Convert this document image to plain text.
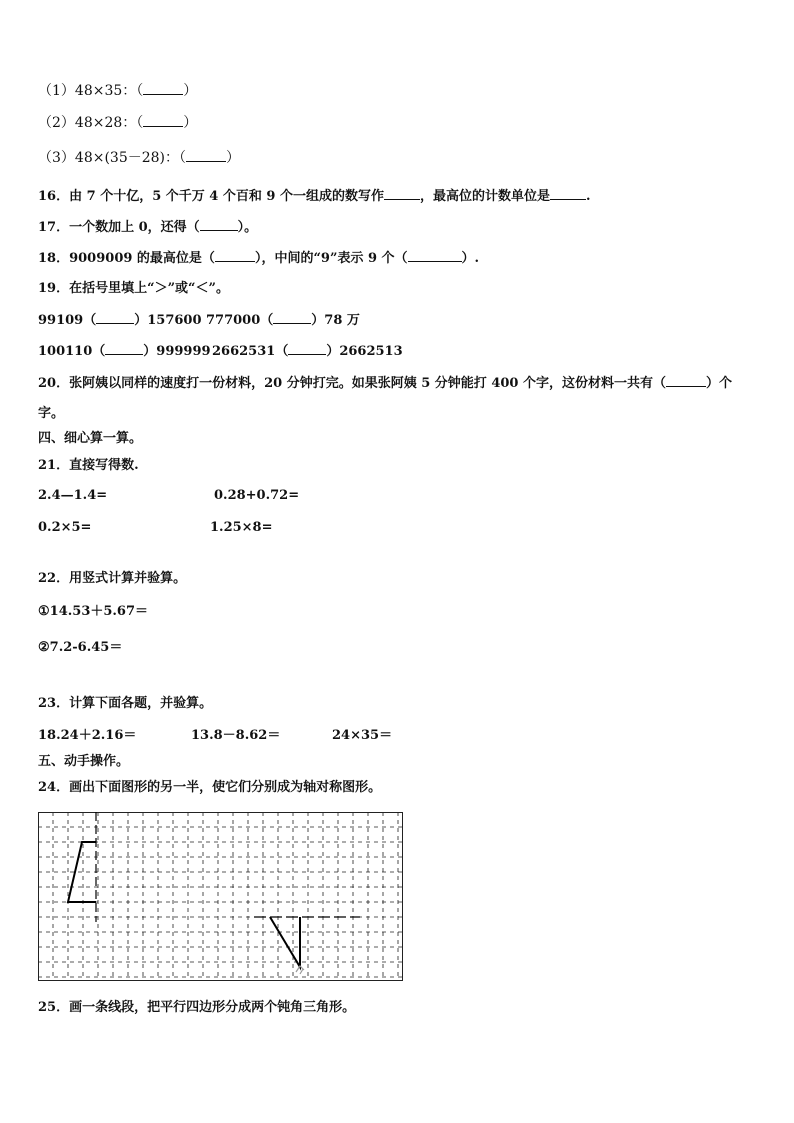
（1）48×35：（	）
（2）48×28：（	）
（3）48×(35－28)：（	）
16．由 7 个十亿，5 个千万 4 个百和 9 个一组成的数写作	，最高位的计数单位是	.
17．一个数加上 0，还得（	）。
18．9009009 的最高位是（	），中间的“9”表示 9 个（	）.
19．在括号里填上“＞”或“＜”。
99109（	）157600 777000（	）78 万
100110（	）999999 2662531（	）2662513
20．张阿姨以同样的速度打一份材料，20 分钟打完。如果张阿姨 5 分钟能打 400 个字，这份材料一共有（	）个
字。
四、细心算一算。
21．直接写得数.
2.4—1.4=	0.28+0.72=
0.2×5=	1.25×8=
22．用竖式计算并验算。
①14.53＋5.67＝
②7.2-6.45＝
23．计算下面各题，并验算。
18.24＋2.16＝	13.8－8.62＝	24×35＝
五、动手操作。
24．画出下面图形的另一半，使它们分别成为轴对称图形。
25．画一条线段，把平行四边形分成两个钝角三角形。
